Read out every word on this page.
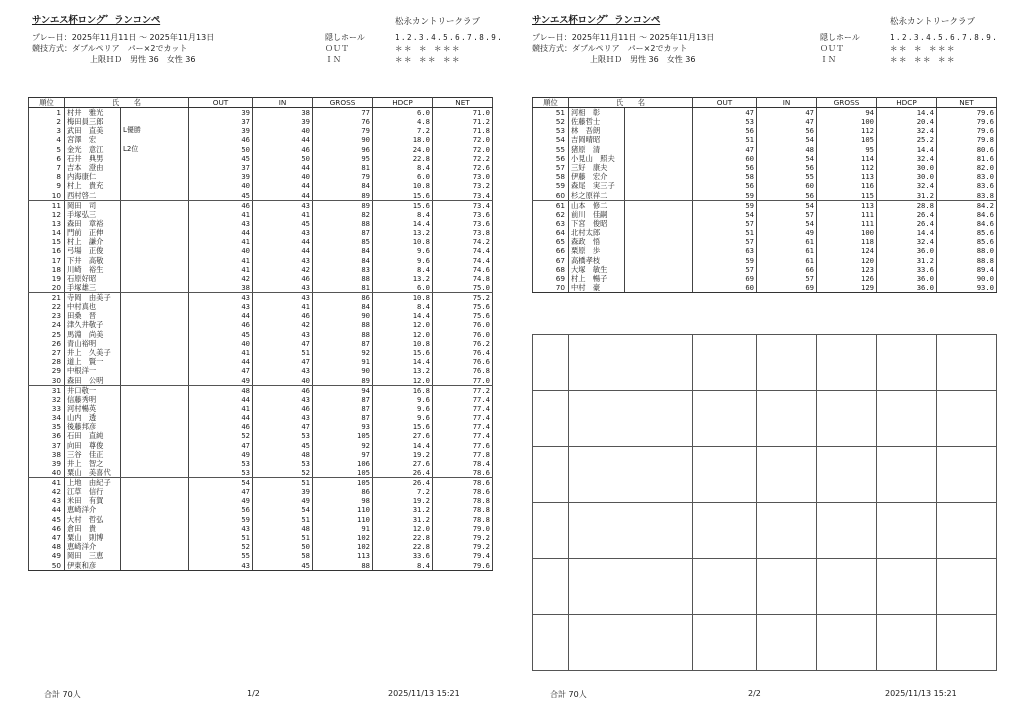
サンエス杯ロング゛ランコンペ	松永カントリークラブ
プレー日：2025年11月11日 ～ 2025年11月13日
競技方式：ダブルペリア　パー×2でカット
上限ＨＤ　男性 36　女性 36
隠しホール	1.2.3.4.5.6.7.8.9.
ＯＵＴ	＊＊ ＊ ＊＊＊
ＩＮ	＊＊ ＊＊ ＊＊
順位	氏　　名		OUT	IN	GROSS	HDCP	NET
1	村井　雅光		39	38	77	6.0	71.0
2	梅田員三郎		37	39	76	4.8	71.2
3	武田　直美	L優勝	39	40	79	7.2	71.8
4	宮澤　宏		46	44	90	18.0	72.0
5	金光　意江	L2位	50	46	96	24.0	72.0
6	石井　典男		45	50	95	22.8	72.2
7	吉本　澄由		37	44	81	8.4	72.6
8	内海康仁		39	40	79	6.0	73.0
9	村上　貴充		40	44	84	10.8	73.2
10	西村啓二		45	44	89	15.6	73.4
11	岡田　司		46	43	89	15.6	73.4
12	手塚弘三		41	41	82	8.4	73.6
13	森田　章裕		43	45	88	14.4	73.6
14	門前　正伸		44	43	87	13.2	73.8
15	村上　謙介		41	44	85	10.8	74.2
16	弓場　正俊		40	44	84	9.6	74.4
17	下井　高敬		41	43	84	9.6	74.4
18	川崎　裕生		41	42	83	8.4	74.6
19	石原好昭		42	46	88	13.2	74.8
20	手塚雄三		38	43	81	6.0	75.0
21	寺岡　由美子		43	43	86	10.8	75.2
22	中村真也		43	41	84	8.4	75.6
23	田桑　晋		44	46	90	14.4	75.6
24	津久井敬子		46	42	88	12.0	76.0
25	馬淵　尚美		45	43	88	12.0	76.0
26	青山裕明		40	47	87	10.8	76.2
27	井上　久美子		41	51	92	15.6	76.4
28	道上　賢一		44	47	91	14.4	76.6
29	中根洋一		47	43	90	13.2	76.8
30	森田　公明		49	40	89	12.0	77.0
31	井口敬一		48	46	94	16.8	77.2
32	信藤秀明		44	43	87	9.6	77.4
33	河村暢英		41	46	87	9.6	77.4
34	山内　透		44	43	87	9.6	77.4
35	後藤邦彦		46	47	93	15.6	77.4
36	石田　直純		52	53	105	27.6	77.4
37	向田　尊俊		47	45	92	14.4	77.6
38	三谷　佳正		49	48	97	19.2	77.8
39	井上　智之		53	53	106	27.6	78.4
40	粟山　美喜代		53	52	105	26.4	78.6
41	上地　由紀子		54	51	105	26.4	78.6
42	江草　信行		47	39	86	7.2	78.6
43	米田　有賀		49	49	98	19.2	78.8
44	恵崎洋介		56	54	110	31.2	78.8
45	大村　哲弘		59	51	110	31.2	78.8
46	倉田　貴		43	48	91	12.0	79.0
47	粟山　則博		51	51	102	22.8	79.2
48	恵崎洋介		52	50	102	22.8	79.2
49	岡田　三恵		55	58	113	33.6	79.4
50	伊東和彦		43	45	88	8.4	79.6
合計 70人	1/2	2025/11/13 15:21
サンエス杯ロング゛ランコンペ	松永カントリークラブ
プレー日：2025年11月11日 ～ 2025年11月13日
競技方式：ダブルペリア　パー×2でカット
上限ＨＤ　男性 36　女性 36
隠しホール	1.2.3.4.5.6.7.8.9.
ＯＵＴ	＊＊ ＊ ＊＊＊
ＩＮ	＊＊ ＊＊ ＊＊
順位	氏　　名		OUT	IN	GROSS	HDCP	NET
51	河相　彰		47	47	94	14.4	79.6
52	佐藤哲士		53	47	100	20.4	79.6
53	林　吾朗		56	56	112	32.4	79.6
54	吉岡晴昭		51	54	105	25.2	79.8
55	猪原　清		47	48	95	14.4	80.6
56	小見山　照夫		60	54	114	32.4	81.6
57	三好　康夫		56	56	112	30.0	82.0
58	伊藤　宏介		58	55	113	30.0	83.0
59	森尾　実三子		56	60	116	32.4	83.6
60	杉之原祥二		59	56	115	31.2	83.8
61	山本　修二		59	54	113	28.8	84.2
62	前川　佳嗣		54	57	111	26.4	84.6
63	下宮　俊昭		57	54	111	26.4	84.6
64	北村太郎		51	49	100	14.4	85.6
65	森政　悟		57	61	118	32.4	85.6
66	栗原　歩		63	61	124	36.0	88.0
67	高橋孝枝		59	61	120	31.2	88.8
68	大塚　敏生		57	66	123	33.6	89.4
69	村上　暢子		69	57	126	36.0	90.0
70	中村　豪		60	69	129	36.0	93.0

合計 70人	2/2	2025/11/13 15:21
